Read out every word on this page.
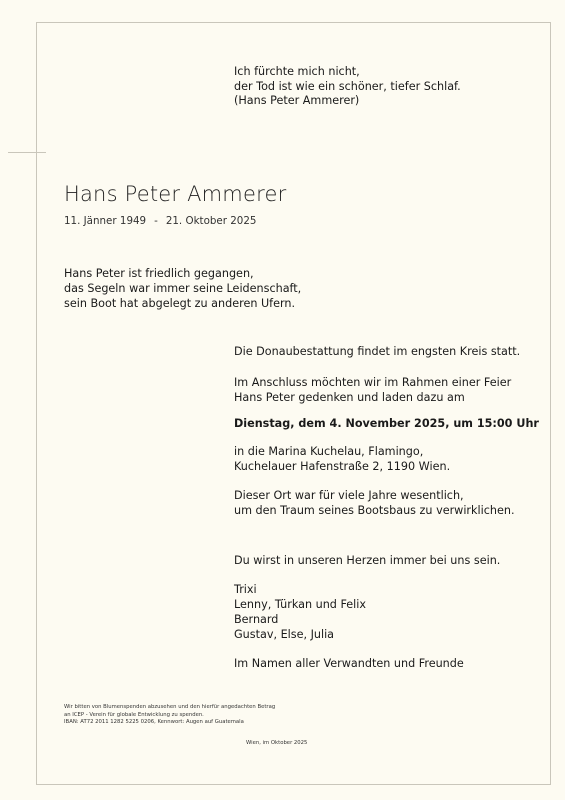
Ich fürchte mich nicht,
der Tod ist wie ein schöner, tiefer Schlaf.
(Hans Peter Ammerer)
Hans Peter Ammerer
11. Jänner 1949 - 21. Oktober 2025
Hans Peter ist friedlich gegangen,
das Segeln war immer seine Leidenschaft,
sein Boot hat abgelegt zu anderen Ufern.
Die Donaubestattung findet im engsten Kreis statt.
Im Anschluss möchten wir im Rahmen einer Feier
Hans Peter gedenken und laden dazu am
Dienstag, dem 4. November 2025, um 15:00 Uhr
in die Marina Kuchelau, Flamingo,
Kuchelauer Hafenstraße 2, 1190 Wien.
Dieser Ort war für viele Jahre wesentlich,
um den Traum seines Bootsbaus zu verwirklichen.
Du wirst in unseren Herzen immer bei uns sein.
Trixi
Lenny, Türkan und Felix
Bernard
Gustav, Else, Julia
Im Namen aller Verwandten und Freunde
Wir bitten von Blumenspenden abzusehen und den hierfür angedachten Betrag
an ICEP - Verein für globale Entwicklung zu spenden.
IBAN: AT72 2011 1282 5225 0206, Kennwort: Augen auf Guatemala
Wien, im Oktober 2025
